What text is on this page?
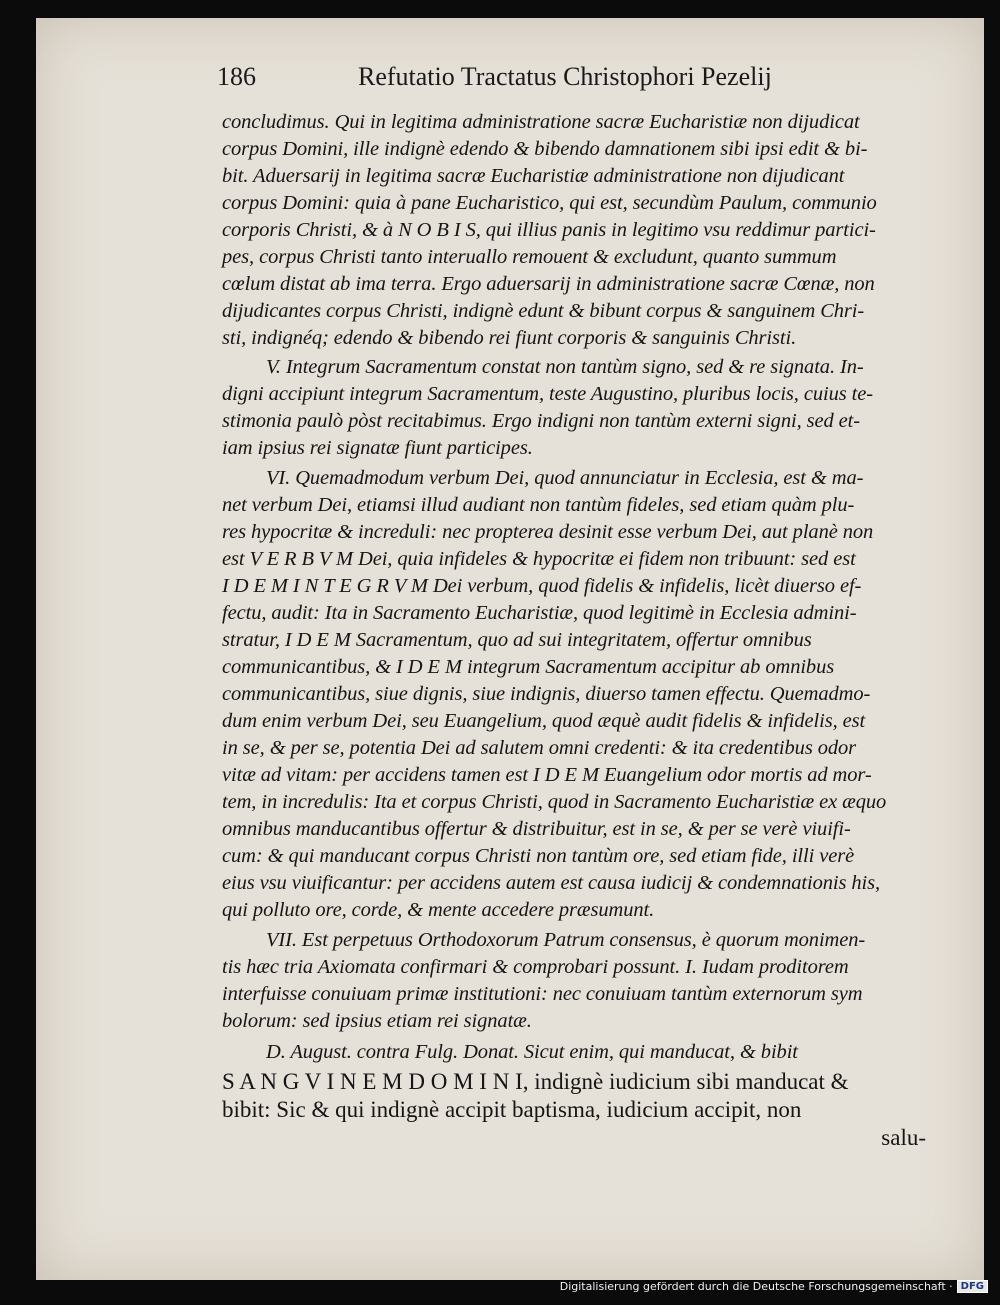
186	Refutatio Tractatus Christophori Pezelij
concludimus. Qui in legitima administratione sacræ Eucharistiæ non dijudicat
corpus Domini, ille indignè edendo & bibendo damnationem sibi ipsi edit & bi-
bit. Aduersarij in legitima sacræ Eucharistiæ administratione non dijudicant
corpus Domini: quia à pane Eucharistico, qui est, secundùm Paulum, communio
corporis Christi, & à N O B I S, qui illius panis in legitimo vsu reddimur partici-
pes, corpus Christi tanto interuallo remouent & excludunt, quanto summum
cœlum distat ab ima terra. Ergo aduersarij in administratione sacræ Cœnæ, non
dijudicantes corpus Christi, indignè edunt & bibunt corpus & sanguinem Chri-
sti, indignéq; edendo & bibendo rei fiunt corporis & sanguinis Christi.
V. Integrum Sacramentum constat non tantùm signo, sed & re signata. In-
digni accipiunt integrum Sacramentum, teste Augustino, pluribus locis, cuius te-
stimonia paulò pòst recitabimus. Ergo indigni non tantùm externi signi, sed et-
iam ipsius rei signatæ fiunt participes.
VI. Quemadmodum verbum Dei, quod annunciatur in Ecclesia, est & ma-
net verbum Dei, etiamsi illud audiant non tantùm fideles, sed etiam quàm plu-
res hypocritæ & increduli: nec propterea desinit esse verbum Dei, aut planè non
est V E R B V M Dei, quia infideles & hypocritæ ei fidem non tribuunt: sed est
I D E M I N T E G R V M Dei verbum, quod fidelis & infidelis, licèt diuerso ef-
fectu, audit: Ita in Sacramento Eucharistiæ, quod legitimè in Ecclesia admini-
stratur, I D E M Sacramentum, quo ad sui integritatem, offertur omnibus
communicantibus, & I D E M integrum Sacramentum accipitur ab omnibus
communicantibus, siue dignis, siue indignis, diuerso tamen effectu. Quemadmo-
dum enim verbum Dei, seu Euangelium, quod æquè audit fidelis & infidelis, est
in se, & per se, potentia Dei ad salutem omni credenti: & ita credentibus odor
vitæ ad vitam: per accidens tamen est I D E M Euangelium odor mortis ad mor-
tem, in incredulis: Ita et corpus Christi, quod in Sacramento Eucharistiæ ex æquo
omnibus manducantibus offertur & distribuitur, est in se, & per se verè viuifi-
cum: & qui manducant corpus Christi non tantùm ore, sed etiam fide, illi verè
eius vsu viuificantur: per accidens autem est causa iudicij & condemnationis his,
qui polluto ore, corde, & mente accedere præsumunt.
VII. Est perpetuus Orthodoxorum Patrum consensus, è quorum monimen-
tis hæc tria Axiomata confirmari & comprobari possunt. I. Iudam proditorem
interfuisse conuiuam primæ institutioni: nec conuiuam tantùm externorum sym
bolorum: sed ipsius etiam rei signatæ.
D. August. contra Fulg. Donat. Sicut enim, qui manducat, & bibit
S A N G V I N E M D O M I N I, indignè iudicium sibi manducat &
bibit: Sic & qui indignè accipit baptisma, iudicium accipit, non
salu-
Digitalisierung gefördert durch die Deutsche Forschungsgemeinschaft · DFG
